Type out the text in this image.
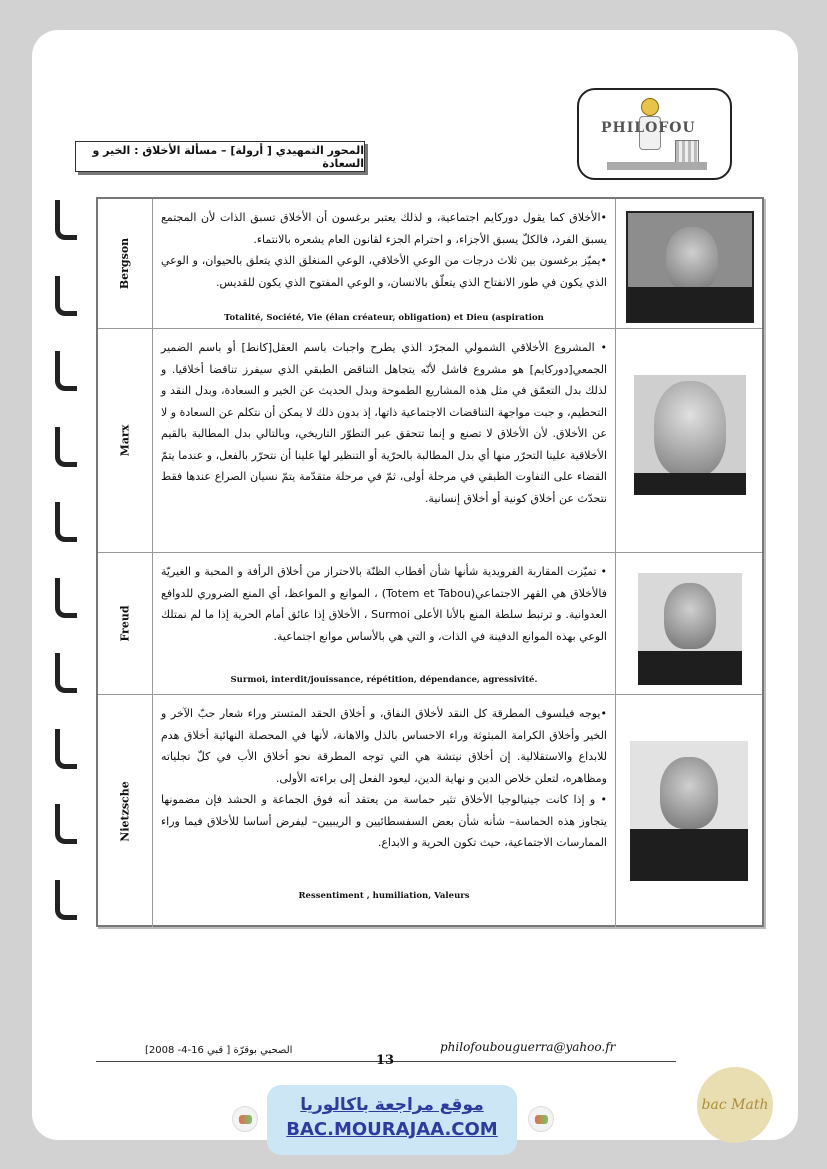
PHILOFOU
المحور التمهيدي [ أرولة] – مسألة الأخلاق : الخير و السعادة
Bergson

•الأخلاق كما يقول دوركايم اجتماعية، و لذلك يعتبر برغسون أن الأخلاق تسبق الذات لأن المجتمع يسبق الفرد، فالكلّ يسبق الأجزاء، و احترام الجزء لقانون العام يشعره بالانتماء.

•يميّز برغسون بين ثلاث درجات من الوعي الأخلاقي، الوعي المنغلق الذي يتعلق بالحيوان، و الوعي الذي يكون في طور الانفتاح الذي يتعلّق بالانسان، و الوعي المفتوح الذي يكون للقديس.

Totalité, Société, Vie (élan créateur, obligation) et Dieu (aspiration
Marx

• المشروع الأخلاقي الشمولي المجرّد الذي يطرح واجبات باسم العقل[كانط] أو باسم الضمير الجمعي[دوركايم] هو مشروع فاشل لأنّه يتجاهل التناقض الطبقي الذي سيفرز تناقضا أخلاقيا. و لذلك بدل التعمّق في مثل هذه المشاريع الطموحة وبدل الحديث عن الخير و السعادة، وبدل النقد و التحطيم، و جبت مواجهة التناقضات الاجتماعية ذاتها، إذ بدون ذلك لا يمكن أن نتكلم عن السعادة و لا عن الأخلاق. لأن الأخلاق لا تصنع و إنما تتحقق عبر التطوّر التاريخي، وبالتالي بدل المطالبة بالقيم الأخلاقية علينا التحرّر منها أي بدل المطالبة بالحرّية أو التنظير لها علينا أن نتحرّر بالفعل، و عندما يتمّ القضاء على التفاوت الطبقي في مرحلة أولى، ثمّ في مرحلة متقدّمة يتمّ نسيان الصراع عندها فقط نتحدّث عن أخلاق كونية أو أخلاق إنسانية.

Freud

• تميّزت المقاربة الفرويدية شأنها شأن أقطاب الظنّة بالاحتراز من أخلاق الرأفة و المحبة و الغيريّة فالأخلاق هي القهر الاجتماعي(Totem et Tabou) ، الموانع و المواعظ، أي المنع الضروري للدوافع العدوانية. و ترتبط سلطة المنع بالأنا الأعلى Surmoi ، الأخلاق إذا عائق أمام الحرية إذا ما لم نمتلك الوعي بهذه الموانع الدفينة في الذات، و التي هي بالأساس موانع اجتماعية.

Surmoi, interdit/jouissance, répétition, dépendance, agressivité.
Nietzsche

•يوجه فيلسوف المطرقة كل النقد لأخلاق النفاق، و أخلاق الحقد المتستر وراء شعار حبّ الآخر و الخير وأخلاق الكرامة المبثوثة وراء الاحساس بالذل والاهانة، لأنها في المحصلة النهائية أخلاق هدم للابداع والاستقلالية. إن أخلاق نيتشة هي التي توجه المطرقة نحو أخلاق الأب في كلّ تجلياته ومظاهره، لتعلن خلاص الدين و نهاية الدين، ليعود الفعل إلى براءته الأولى.

• و إذا كانت جينيالوجيا الأخلاق تثير حماسة من يعتقد أنه فوق الجماعة و الحشد فإن مضمونها يتجاوز هذه الحماسة– شأنه شأن بعض السفسطائيين و الريبيين– ليفرض أساسا للأخلاق فيما وراء الممارسات الاجتماعية، حيث تكون الحرية و الابداع.

Ressentiment , humiliation, Valeurs
philofoubouguerra@yahoo.fr
الصحبي بوقرّة [ قبي 16-4- 2008]
13
موقع مراجعة باكالوريا
BAC.MOURAJAA.COM
bac Math
